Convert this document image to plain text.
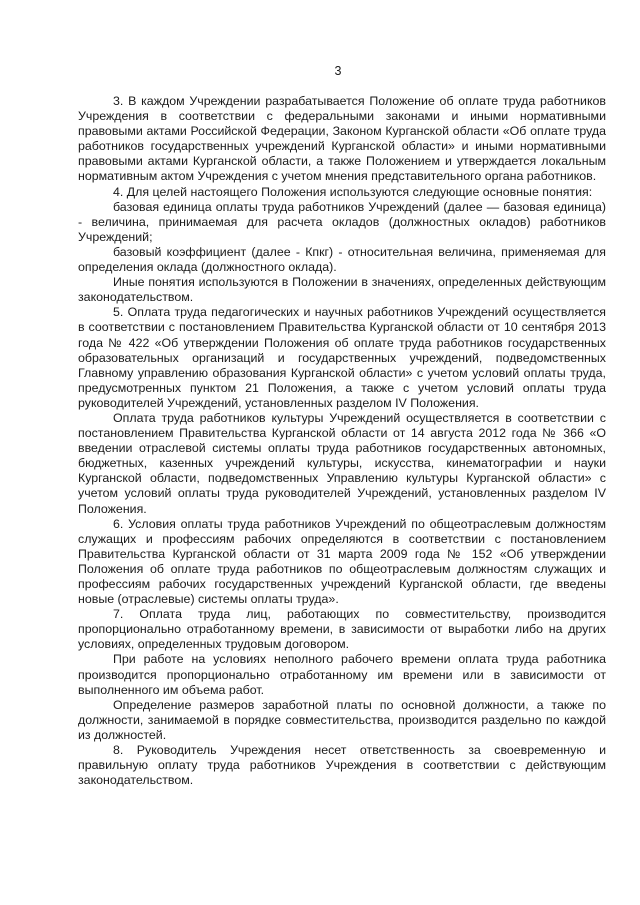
3

3. В каждом Учреждении разрабатывается Положение об оплате труда работников Учреждения в соответствии с федеральными законами и иными нормативными правовыми актами Российской Федерации, Законом Курганской области «Об оплате труда работников государственных учреждений Курганской области» и иными нормативными правовыми актами Курганской области, а также Положением и утверждается локальным нормативным актом Учреждения с учетом мнения представительного органа работников.

4. Для целей настоящего Положения используются следующие основные понятия:

базовая единица оплаты труда работников Учреждений (далее — базовая единица) - величина, принимаемая для расчета окладов (должностных окладов) работников Учреждений;

базовый коэффициент (далее - Кпкг) - относительная величина, применяемая для определения оклада (должностного оклада).

Иные понятия используются в Положении в значениях, определенных действующим законодательством.

5. Оплата труда педагогических и научных работников Учреждений осуществляется в соответствии с постановлением Правительства Курганской области от 10 сентября 2013 года № 422 «Об утверждении Положения об оплате труда работников государственных образовательных организаций и государственных учреждений, подведомственных Главному управлению образования Курганской области» с учетом условий оплаты труда, предусмотренных пунктом 21 Положения, а также с учетом условий оплаты труда руководителей Учреждений, установленных разделом IV Положения.

Оплата труда работников культуры Учреждений осуществляется в соответствии с постановлением Правительства Курганской области от 14 августа 2012 года № 366 «О введении отраслевой системы оплаты труда работников государственных автономных, бюджетных, казенных учреждений культуры, искусства, кинематографии и науки Курганской области, подведомственных Управлению культуры Курганской области» с учетом условий оплаты труда руководителей Учреждений, установленных разделом IV Положения.

6. Условия оплаты труда работников Учреждений по общеотраслевым должностям служащих и профессиям рабочих определяются в соответствии с постановлением Правительства Курганской области от 31 марта 2009 года № 152 «Об утверждении Положения об оплате труда работников по общеотраслевым должностям служащих и профессиям рабочих государственных учреждений Курганской области, где введены новые (отраслевые) системы оплаты труда».

7. Оплата труда лиц, работающих по совместительству, производится пропорционально отработанному времени, в зависимости от выработки либо на других условиях, определенных трудовым договором.

При работе на условиях неполного рабочего времени оплата труда работника производится пропорционально отработанному им времени или в зависимости от выполненного им объема работ.

Определение размеров заработной платы по основной должности, а также по должности, занимаемой в порядке совместительства, производится раздельно по каждой из должностей.

8. Руководитель Учреждения несет ответственность за своевременную и правильную оплату труда работников Учреждения в соответствии с действующим законодательством.
